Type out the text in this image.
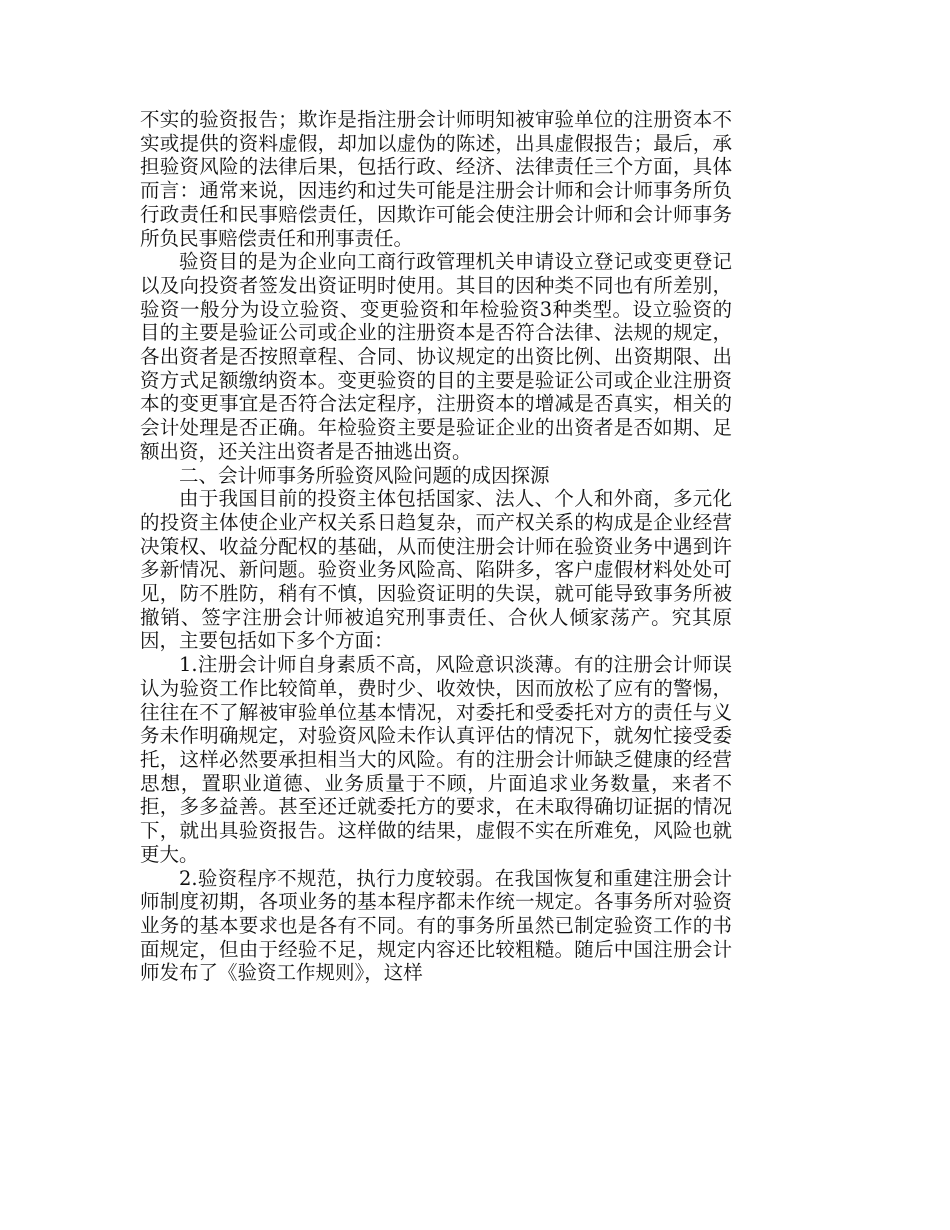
不实的验资报告；欺诈是指注册会计师明知被审验单位的注册资本不实或提供的资料虚假，却加以虚伪的陈述，出具虚假报告；最后，承担验资风险的法律后果，包括行政、经济、法律责任三个方面，具体而言：通常来说，因违约和过失可能是注册会计师和会计师事务所负行政责任和民事赔偿责任，因欺诈可能会使注册会计师和会计师事务所负民事赔偿责任和刑事责任。

验资目的是为企业向工商行政管理机关申请设立登记或变更登记以及向投资者签发出资证明时使用。其目的因种类不同也有所差别，验资一般分为设立验资、变更验资和年检验资3种类型。设立验资的目的主要是验证公司或企业的注册资本是否符合法律、法规的规定，各出资者是否按照章程、合同、协议规定的出资比例、出资期限、出资方式足额缴纳资本。变更验资的目的主要是验证公司或企业注册资本的变更事宜是否符合法定程序，注册资本的增减是否真实，相关的会计处理是否正确。年检验资主要是验证企业的出资者是否如期、足额出资，还关注出资者是否抽逃出资。

二、会计师事务所验资风险问题的成因探源

由于我国目前的投资主体包括国家、法人、个人和外商，多元化的投资主体使企业产权关系日趋复杂，而产权关系的构成是企业经营决策权、收益分配权的基础，从而使注册会计师在验资业务中遇到许多新情况、新问题。验资业务风险高、陷阱多，客户虚假材料处处可见，防不胜防，稍有不慎，因验资证明的失误，就可能导致事务所被撤销、签字注册会计师被追究刑事责任、合伙人倾家荡产。究其原因，主要包括如下多个方面：

1.注册会计师自身素质不高，风险意识淡薄。有的注册会计师误认为验资工作比较简单，费时少、收效快，因而放松了应有的警惕，往往在不了解被审验单位基本情况，对委托和受委托对方的责任与义务未作明确规定，对验资风险未作认真评估的情况下，就匆忙接受委托，这样必然要承担相当大的风险。有的注册会计师缺乏健康的经营思想，置职业道德、业务质量于不顾，片面追求业务数量，来者不拒，多多益善。甚至还迁就委托方的要求，在未取得确切证据的情况下，就出具验资报告。这样做的结果，虚假不实在所难免，风险也就更大。

2.验资程序不规范，执行力度较弱。在我国恢复和重建注册会计师制度初期，各项业务的基本程序都未作统一规定。各事务所对验资业务的基本要求也是各有不同。有的事务所虽然已制定验资工作的书面规定，但由于经验不足，规定内容还比较粗糙。随后中国注册会计师发布了《验资工作规则》，这样
